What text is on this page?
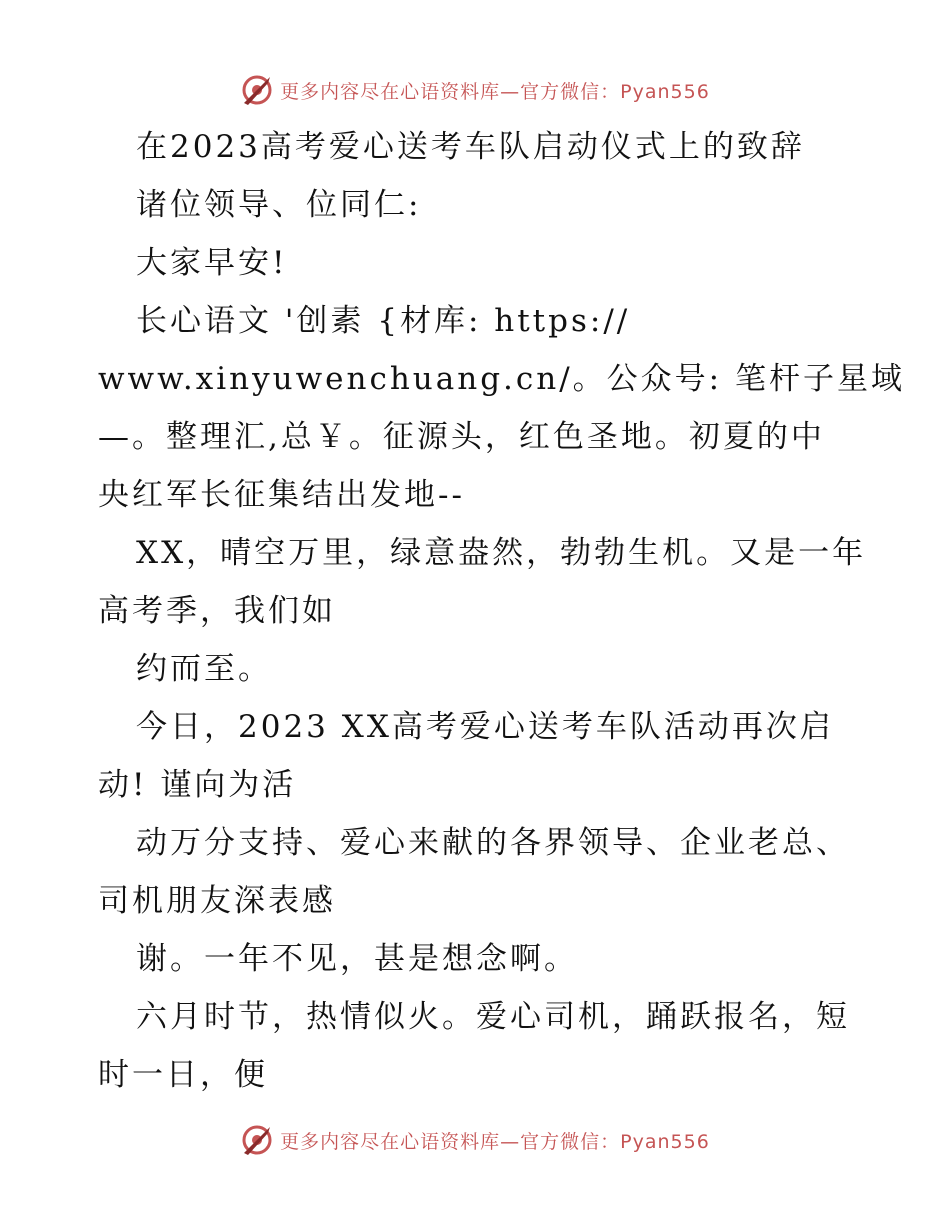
更多内容尽在心语资料库—官方微信：Pyan556
在2023高考爱心送考车队启动仪式上的致辞
诸位领导、位同仁:
大家早安!
长心语文 '创素 {材库: https://
www.xinyuwenchuang.cn/。公众号: 笔杆子星域
—。整理汇,总￥。征源头，红色圣地。初夏的中
央红军长征集结出发地--
XX，晴空万里，绿意盎然，勃勃生机。又是一年
高考季，我们如
约而至。
今日，2023 XX高考爱心送考车队活动再次启
动! 谨向为活
动万分支持、爱心来献的各界领导、企业老总、
司机朋友深表感
谢。一年不见，甚是想念啊。
六月时节，热情似火。爱心司机，踊跃报名，短
时一日，便
更多内容尽在心语资料库—官方微信：Pyan556
